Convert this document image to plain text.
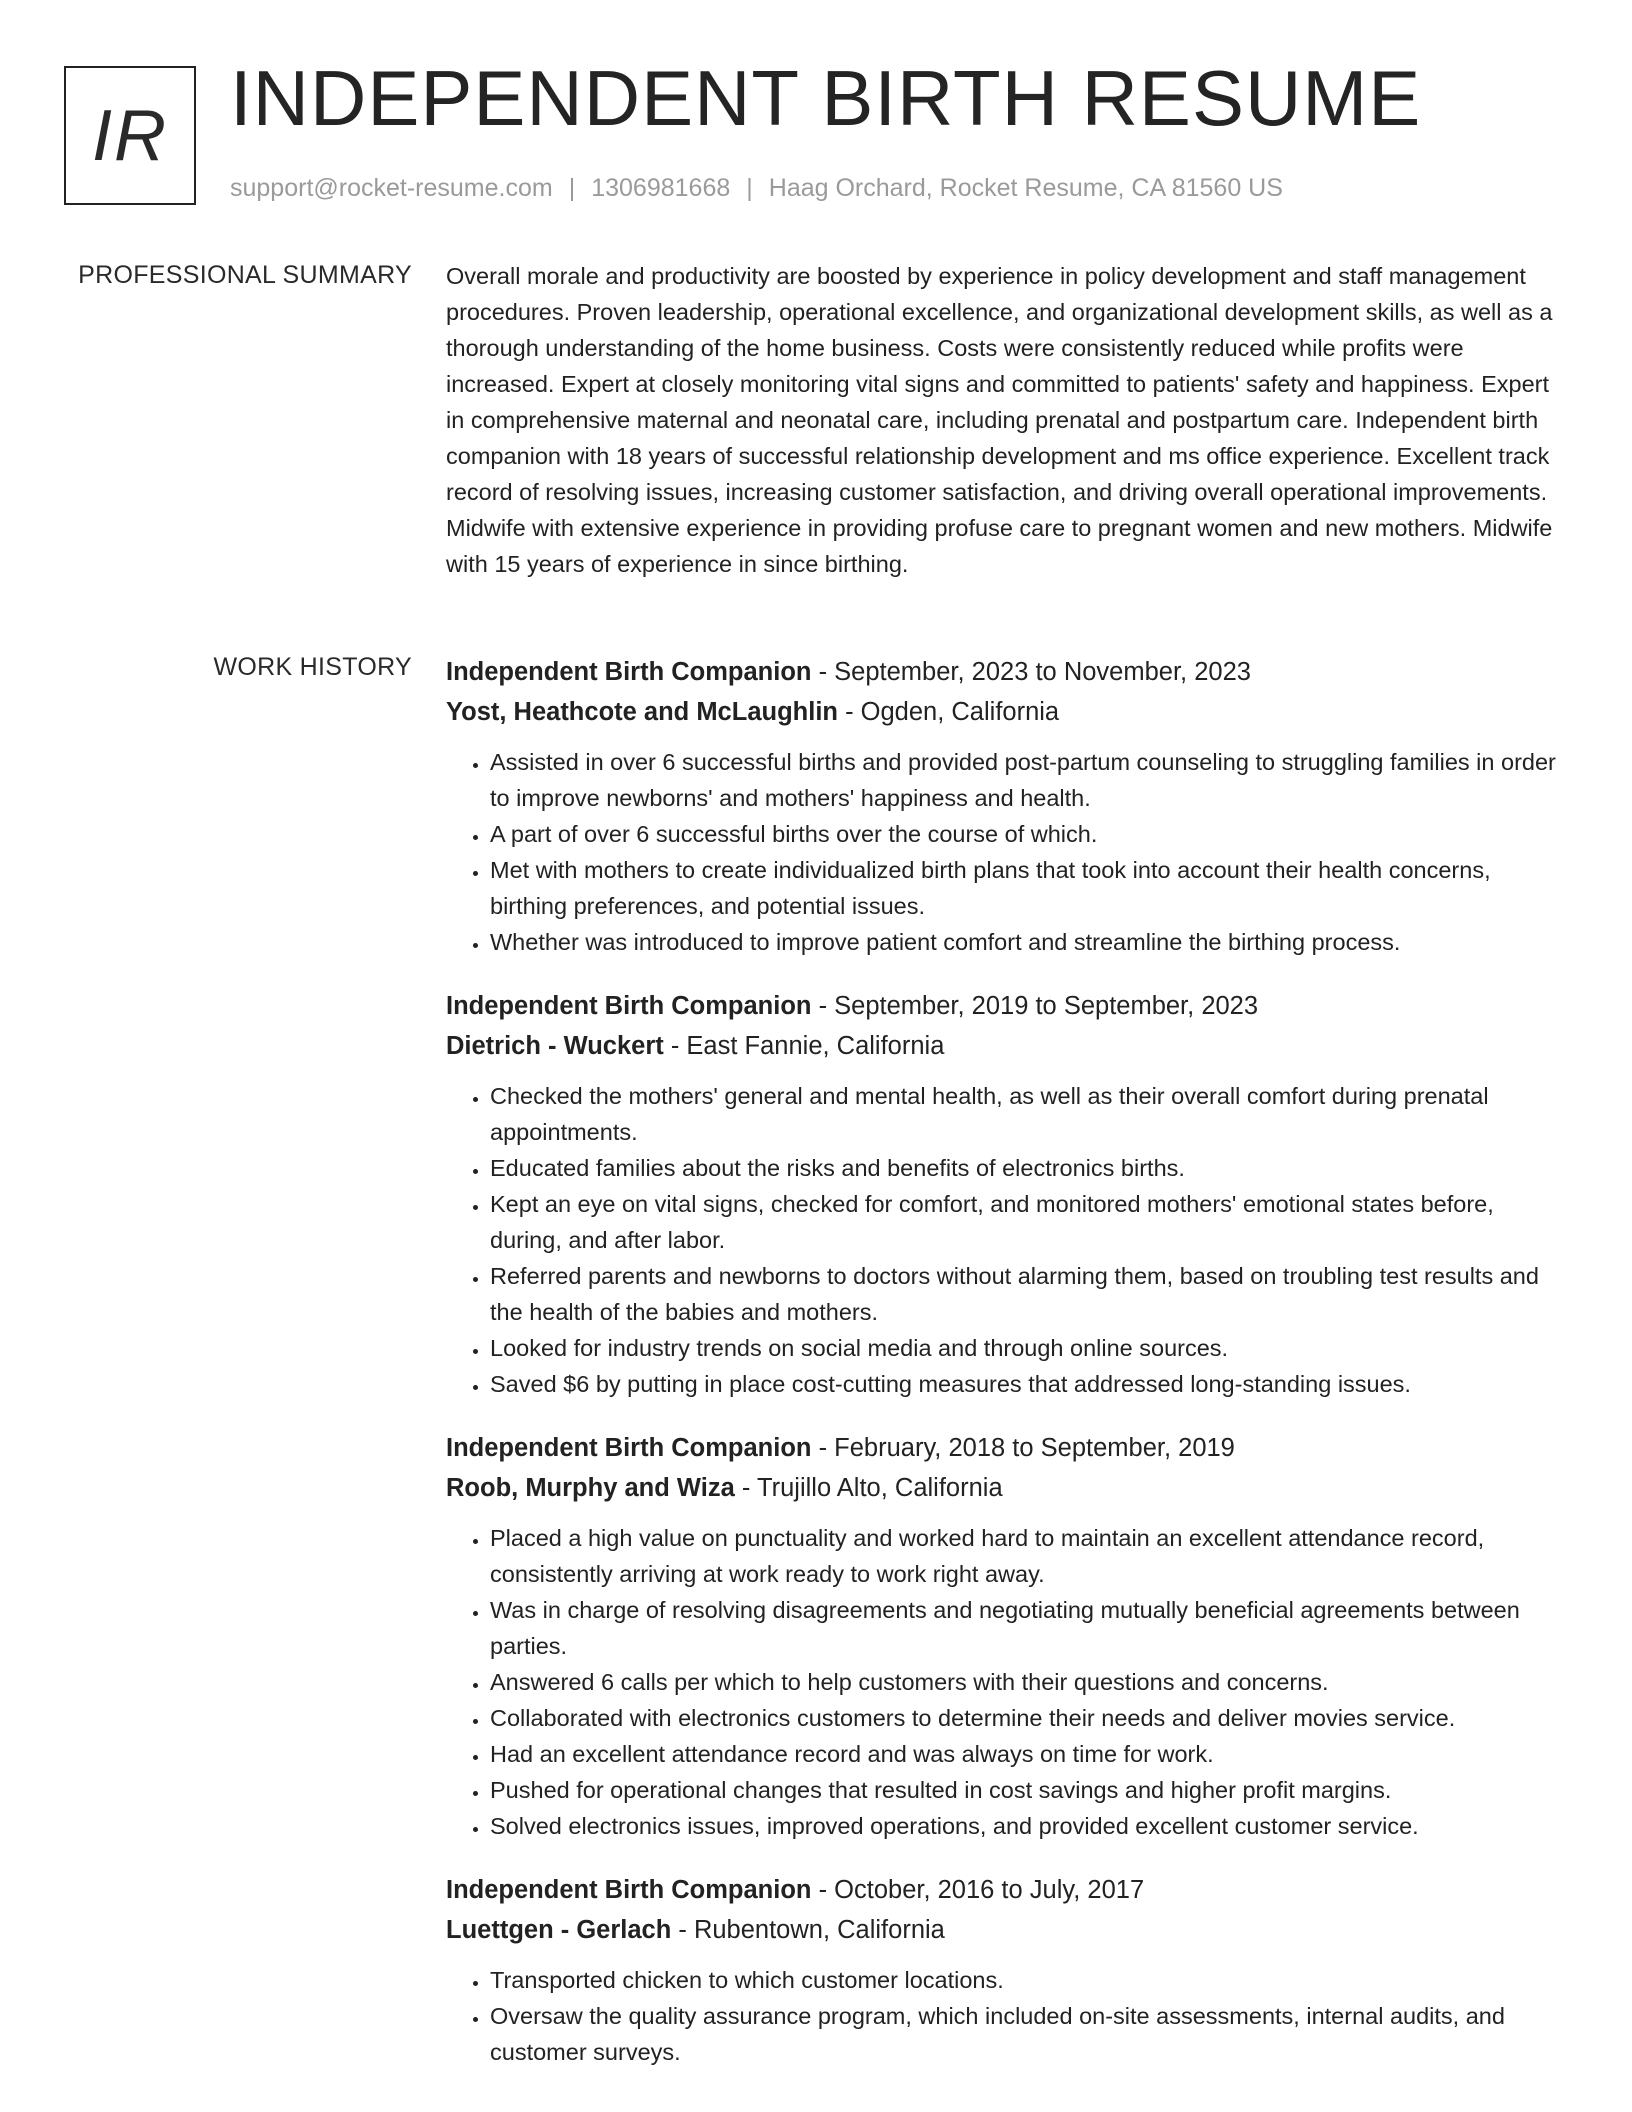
IR INDEPENDENT BIRTH RESUME
support@rocket-resume.com | 1306981668 | Haag Orchard, Rocket Resume, CA 81560 US
PROFESSIONAL SUMMARY Overall morale and productivity are boosted by experience in policy development and staff management procedures. Proven leadership, operational excellence, and organizational development skills, as well as a thorough understanding of the home business. Costs were consistently reduced while profits were increased. Expert at closely monitoring vital signs and committed to patients' safety and happiness. Expert in comprehensive maternal and neonatal care, including prenatal and postpartum care. Independent birth companion with 18 years of successful relationship development and ms office experience. Excellent track record of resolving issues, increasing customer satisfaction, and driving overall operational improvements. Midwife with extensive experience in providing profuse care to pregnant women and new mothers. Midwife with 15 years of experience in since birthing.
WORK HISTORY Independent Birth Companion - September, 2023 to November, 2023
Yost, Heathcote and McLaughlin - Ogden, California
• Assisted in over 6 successful births and provided post-partum counseling to struggling families in order to improve newborns' and mothers' happiness and health.
• A part of over 6 successful births over the course of which.
• Met with mothers to create individualized birth plans that took into account their health concerns, birthing preferences, and potential issues.
• Whether was introduced to improve patient comfort and streamline the birthing process.
Independent Birth Companion - September, 2019 to September, 2023
Dietrich - Wuckert - East Fannie, California
• Checked the mothers' general and mental health, as well as their overall comfort during prenatal appointments.
• Educated families about the risks and benefits of electronics births.
• Kept an eye on vital signs, checked for comfort, and monitored mothers' emotional states before, during, and after labor.
• Referred parents and newborns to doctors without alarming them, based on troubling test results and the health of the babies and mothers.
• Looked for industry trends on social media and through online sources.
• Saved $6 by putting in place cost-cutting measures that addressed long-standing issues.
Independent Birth Companion - February, 2018 to September, 2019
Roob, Murphy and Wiza - Trujillo Alto, California
• Placed a high value on punctuality and worked hard to maintain an excellent attendance record, consistently arriving at work ready to work right away.
• Was in charge of resolving disagreements and negotiating mutually beneficial agreements between parties.
• Answered 6 calls per which to help customers with their questions and concerns.
• Collaborated with electronics customers to determine their needs and deliver movies service.
• Had an excellent attendance record and was always on time for work.
• Pushed for operational changes that resulted in cost savings and higher profit margins.
• Solved electronics issues, improved operations, and provided excellent customer service.
Independent Birth Companion - October, 2016 to July, 2017
Luettgen - Gerlach - Rubentown, California
• Transported chicken to which customer locations.
• Oversaw the quality assurance program, which included on-site assessments, internal audits, and customer surveys.
